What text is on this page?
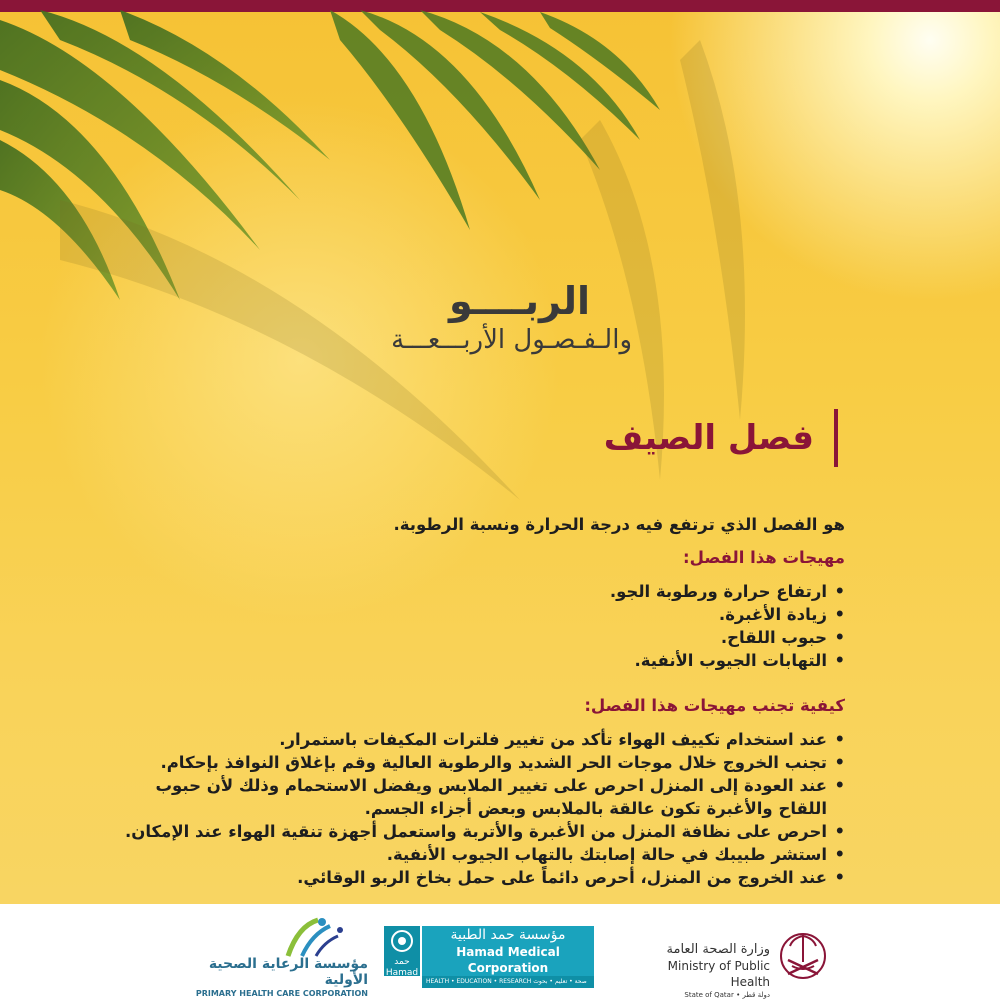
الربــــو
والـفـصـول الأربـــعـــة
فصل الصيف

هو الفصل الذي ترتفع فيه درجة الحرارة ونسبة الرطوبة.

مهيجات هذا الفصل:
• ارتفاع حرارة ورطوبة الجو.
• زيادة الأغبرة.
• حبوب اللقاح.
• التهابات الجيوب الأنفية.
كيفية تجنب مهيجات هذا الفصل:
• عند استخدام تكييف الهواء تأكد من تغيير فلترات المكيفات باستمرار.
• تجنب الخروج خلال موجات الحر الشديد والرطوبة العالية وقم بإغلاق النوافذ بإحكام.
• عند العودة إلى المنزل احرص على تغيير الملابس ويفضل الاستحمام وذلك لأن حبوب اللقاح والأغبرة تكون عالقة بالملابس وبعض أجزاء الجسم.
• احرص على نظافة المنزل من الأغبرة والأتربة واستعمل أجهزة تنقية الهواء عند الإمكان.
• استشر طبيبك في حالة إصابتك بالتهاب الجيوب الأنفية.
• عند الخروج من المنزل، أحرص دائماً على حمل بخاخ الربو الوقائي.
مؤسسة الرعاية الصحية الأولية
PRIMARY HEALTH CARE CORPORATION
حمد
Hamad
مؤسسة حمد الطبية
Hamad Medical Corporation
HEALTH • EDUCATION • RESEARCH صحة • تعليم • بحوث
وزارة الصحة العامة
Ministry of Public Health
State of Qatar • دولة قطر
